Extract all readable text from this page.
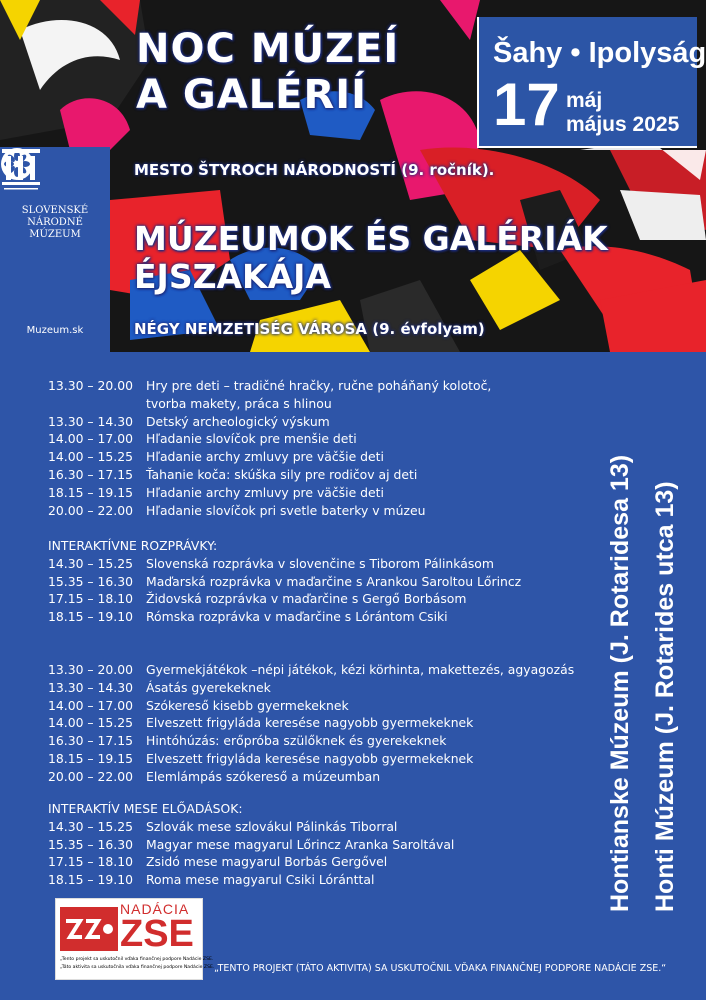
NOC MÚZEÍ
A GALÉRIÍ
Šahy • Ipolyság
17 máj
május 2025
MESTO ŠTYROCH NÁRODNOSTÍ (9. ročník).
MÚZEUMOK ÉS GALÉRIÁK
ÉJSZAKÁJA
NÉGY NEMZETISÉG VÁROSA (9. évfolyam)
SLOVENSKÉ
NÁRODNÉ
MÚZEUM
Muzeum.sk
13.30 – 20.00 Hry pre deti – tradičné hračky, ručne poháňaný kolotoč,
tvorba makety, práca s hlinou
13.30 – 14.30 Detský archeologický výskum
14.00 – 17.00 Hľadanie slovíčok pre menšie deti
14.00 – 15.25 Hľadanie archy zmluvy pre väčšie deti
16.30 – 17.15 Ťahanie koča: skúška sily pre rodičov aj deti
18.15 – 19.15 Hľadanie archy zmluvy pre väčšie deti
20.00 – 22.00 Hľadanie slovíčok pri svetle baterky v múzeu
INTERAKTÍVNE ROZPRÁVKY:
14.30 – 15.25 Slovenská rozprávka v slovenčine s Tiborom Pálinkásom
15.35 – 16.30 Maďarská rozprávka v maďarčine s Arankou Saroltou Lőrincz
17.15 – 18.10 Židovská rozprávka v maďarčine s Gergő Borbásom
18.15 – 19.10 Rómska rozprávka v maďarčine s Lórántom Csiki
13.30 – 20.00 Gyermekjátékok –népi játékok, kézi körhinta, makettezés, agyagozás
13.30 – 14.30 Ásatás gyerekeknek
14.00 – 17.00 Szókereső kisebb gyermekeknek
14.00 – 15.25 Elveszett frigyláda keresése nagyobb gyermekeknek
16.30 – 17.15 Hintóhúzás: erőpróba szülőknek és gyerekeknek
18.15 – 19.15 Elveszett frigyláda keresése nagyobb gyermekeknek
20.00 – 22.00 Elemlámpás szókereső a múzeumban
INTERAKTÍV MESE ELŐADÁSOK:
14.30 – 15.25 Szlovák mese szlovákul Pálinkás Tiborral
15.35 – 16.30 Magyar mese magyarul Lőrincz Aranka Saroltával
17.15 – 18.10 Zsidó mese magyarul Borbás Gergővel
18.15 – 19.10 Roma mese magyarul Csiki Lóránttal	Hontianske Múzeum (J. Rotaridesa 13) Honti Múzeum (J. Rotarides utca 13)
NADÁCIA
ZSE
„Tento projekt sa uskutočnil vďaka finančnej podpore Nadácie ZSE.
„Táto aktivita sa uskutočnila vďaka finančnej podpore Nadácie ZSE. „TENTO PROJEKT (TÁTO AKTIVITA) SA USKUTOČNIL VĎAKA FINANČNEJ PODPORE NADÁCIE ZSE.“
